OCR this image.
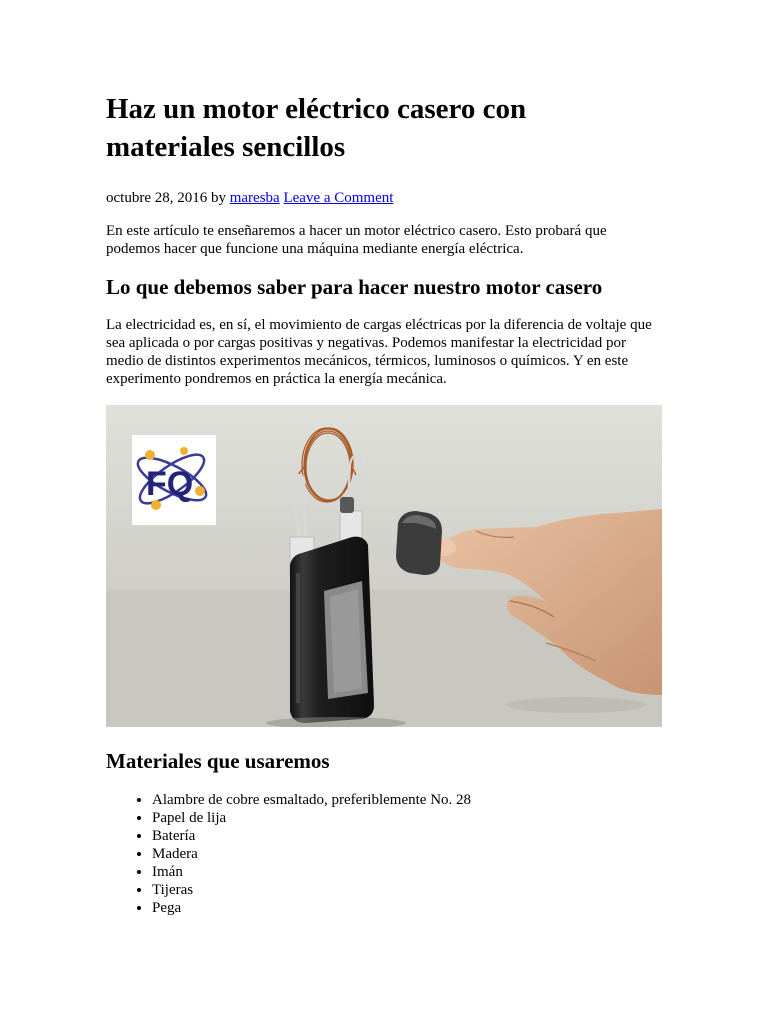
Haz un motor eléctrico casero con materiales sencillos
octubre 28, 2016 by maresba Leave a Comment

En este artículo te enseñaremos a hacer un motor eléctrico casero. Esto probará que podemos hacer que funcione una máquina mediante energía eléctrica.

Lo que debemos saber para hacer nuestro motor casero

La electricidad es, en sí, el movimiento de cargas eléctricas por la diferencia de voltaje que sea aplicada o por cargas positivas y negativas. Podemos manifestar la electricidad por medio de distintos experimentos mecánicos, térmicos, luminosos o químicos. Y en este experimento pondremos en práctica la energía mecánica.

FQ
Materiales que usaremos
• Alambre de cobre esmaltado, preferiblemente No. 28
• Papel de lija
• Batería
• Madera
• Imán
• Tijeras
• Pega
